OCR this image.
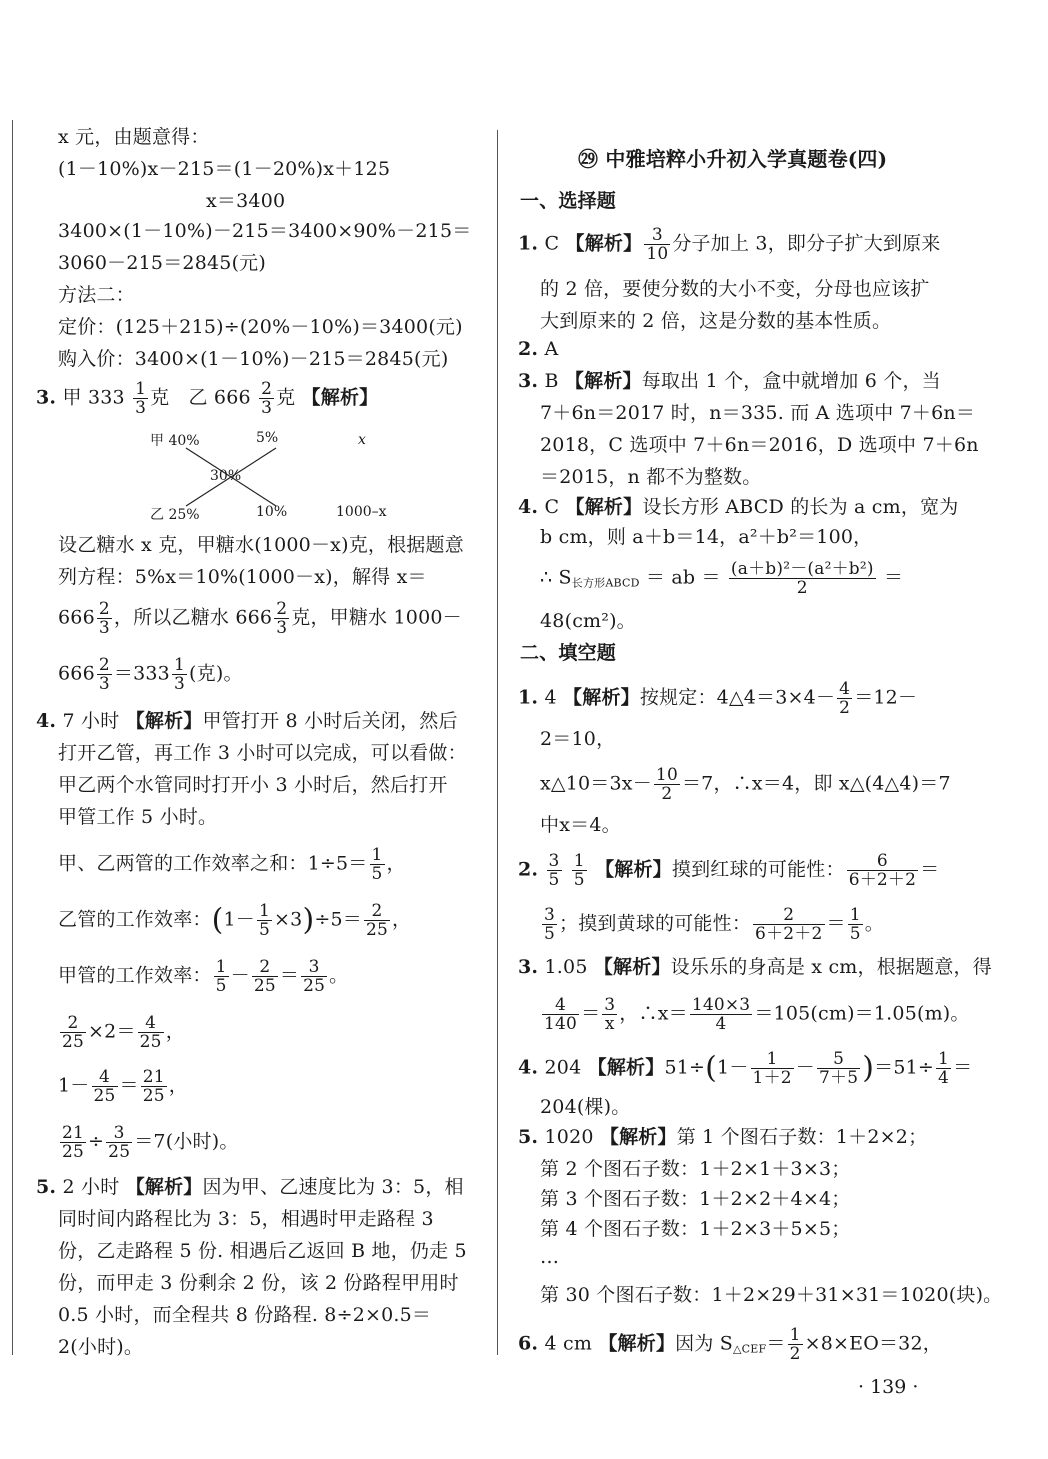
x 元，由题意得：
(1－10%)x－215＝(1－20%)x＋125
x＝3400
3400×(1－10%)－215＝3400×90%－215＝
3060－215＝2845(元)
方法二：
定价：(125＋215)÷(20%－10%)＝3400(元)
购入价：3400×(1－10%)－215＝2845(元)
3. 甲 $333 \frac{1}{3}$ 克　乙 $666 \frac{2}{3}$ 克 【解析】
甲 40%	5%	x
30%
乙 25%	10%	1000–x
设乙糖水 x 克，甲糖水(1000－x)克，根据题意
列方程：5%x＝10%(1000－x)，解得 x＝
$666 \frac{2}{3}$ ，所以乙糖水 $666 \frac{2}{3}$ 克，甲糖水 1000－
$666 \frac{2}{3} =333 \frac{1}{3}$ (克)。
4. 7 小时 【解析】甲管打开 8 小时后关闭，然后
打开乙管，再工作 3 小时可以完成，可以看做：
甲乙两个水管同时打开小 3 小时后，然后打开
甲管工作 5 小时。
甲、乙两管的工作效率之和：$1\div 5= \frac{1}{5}$ ，
乙管的工作效率：$(1- \frac{1}{5} \times 3)\div 5= \frac{2}{25}$ ，
甲管的工作效率： $\frac{1}{5} - \frac{2}{25} = \frac{3}{25}$ 。
$\frac{2}{25} \times 2= \frac{4}{25}$ ，
$1- \frac{4}{25} = \frac{21}{25}$ ，
$\frac{21}{25} \div \frac{3}{25} =7$(小时)。
5. 2 小时 【解析】因为甲、乙速度比为 3：5，相
同时间内路程比为 3：5，相遇时甲走路程 3
份，乙走路程 5 份. 相遇后乙返回 B 地，仍走 5
份，而甲走 3 份剩余 2 份，该 2 份路程甲用时
0.5 小时，而全程共 8 份路程. 8÷2×0.5＝
2(小时)。
㉙ 中雅培粹小升初入学真题卷(四)
一、选择题
1. C 【解析】 $\frac{3}{10}$ 分子加上 3，即分子扩大到原来
的 2 倍，要使分数的大小不变，分母也应该扩
大到原来的 2 倍，这是分数的基本性质。
2. A
3. B 【解析】每取出 1 个，盒中就增加 6 个，当
7＋6n＝2017 时，n＝335. 而 A 选项中 7＋6n＝
2018，C 选项中 7＋6n＝2016，D 选项中 7＋6n
＝2015，n 都不为整数。
4. C 【解析】设长方形 ABCD 的长为 a cm，宽为
b cm，则 a＋b＝14，a²＋b²＝100，
∴ $S_{长方形ABCD}$ ＝ ab ＝ $\frac{\text{(a＋b)²－(a²＋b²)}}{2}$ ＝
48(cm²)。
二、填空题
1. 4 【解析】按规定：4△4＝3×4－ $\frac{4}{2} =12-$
2＝10，
x△10＝3x－ $\frac{10}{2} =7$，∴x＝4，即 x△(4△4)＝7
中x＝4。
2. $\frac{3}{5}$
$\frac{1}{5}$ 【解析】摸到红球的可能性： $\frac{6}{6+2+2}$ ＝
$\frac{3}{5}$ ；摸到黄球的可能性： $\frac{2}{6+2+2} = \frac{1}{5}$ 。
3. 1.05 【解析】设乐乐的身高是 x cm，根据题意，得
$\frac{4}{140} = \frac{3}{x}$ ，∴x＝ $\frac{140\times 3}{4} =105(cm)=1.05(m)$。
4. 204 【解析】$51\div(1- \frac{1}{1+2} - \frac{5}{7+5} )=51\div \frac{1}{4}$ ＝
204(棵)。
5. 1020 【解析】第 1 个图石子数：1＋2×2；
第 2 个图石子数：1＋2×1＋3×3；
第 3 个图石子数：1＋2×2＋4×4；
第 4 个图石子数：1＋2×3＋5×5；
…
第 30 个图石子数：1＋2×29＋31×31＝1020(块)。
6. 4 cm 【解析】因为 $S_{\triangle CEF}= \frac{1}{2} \times 8\times EO=32$，
· 139 ·
